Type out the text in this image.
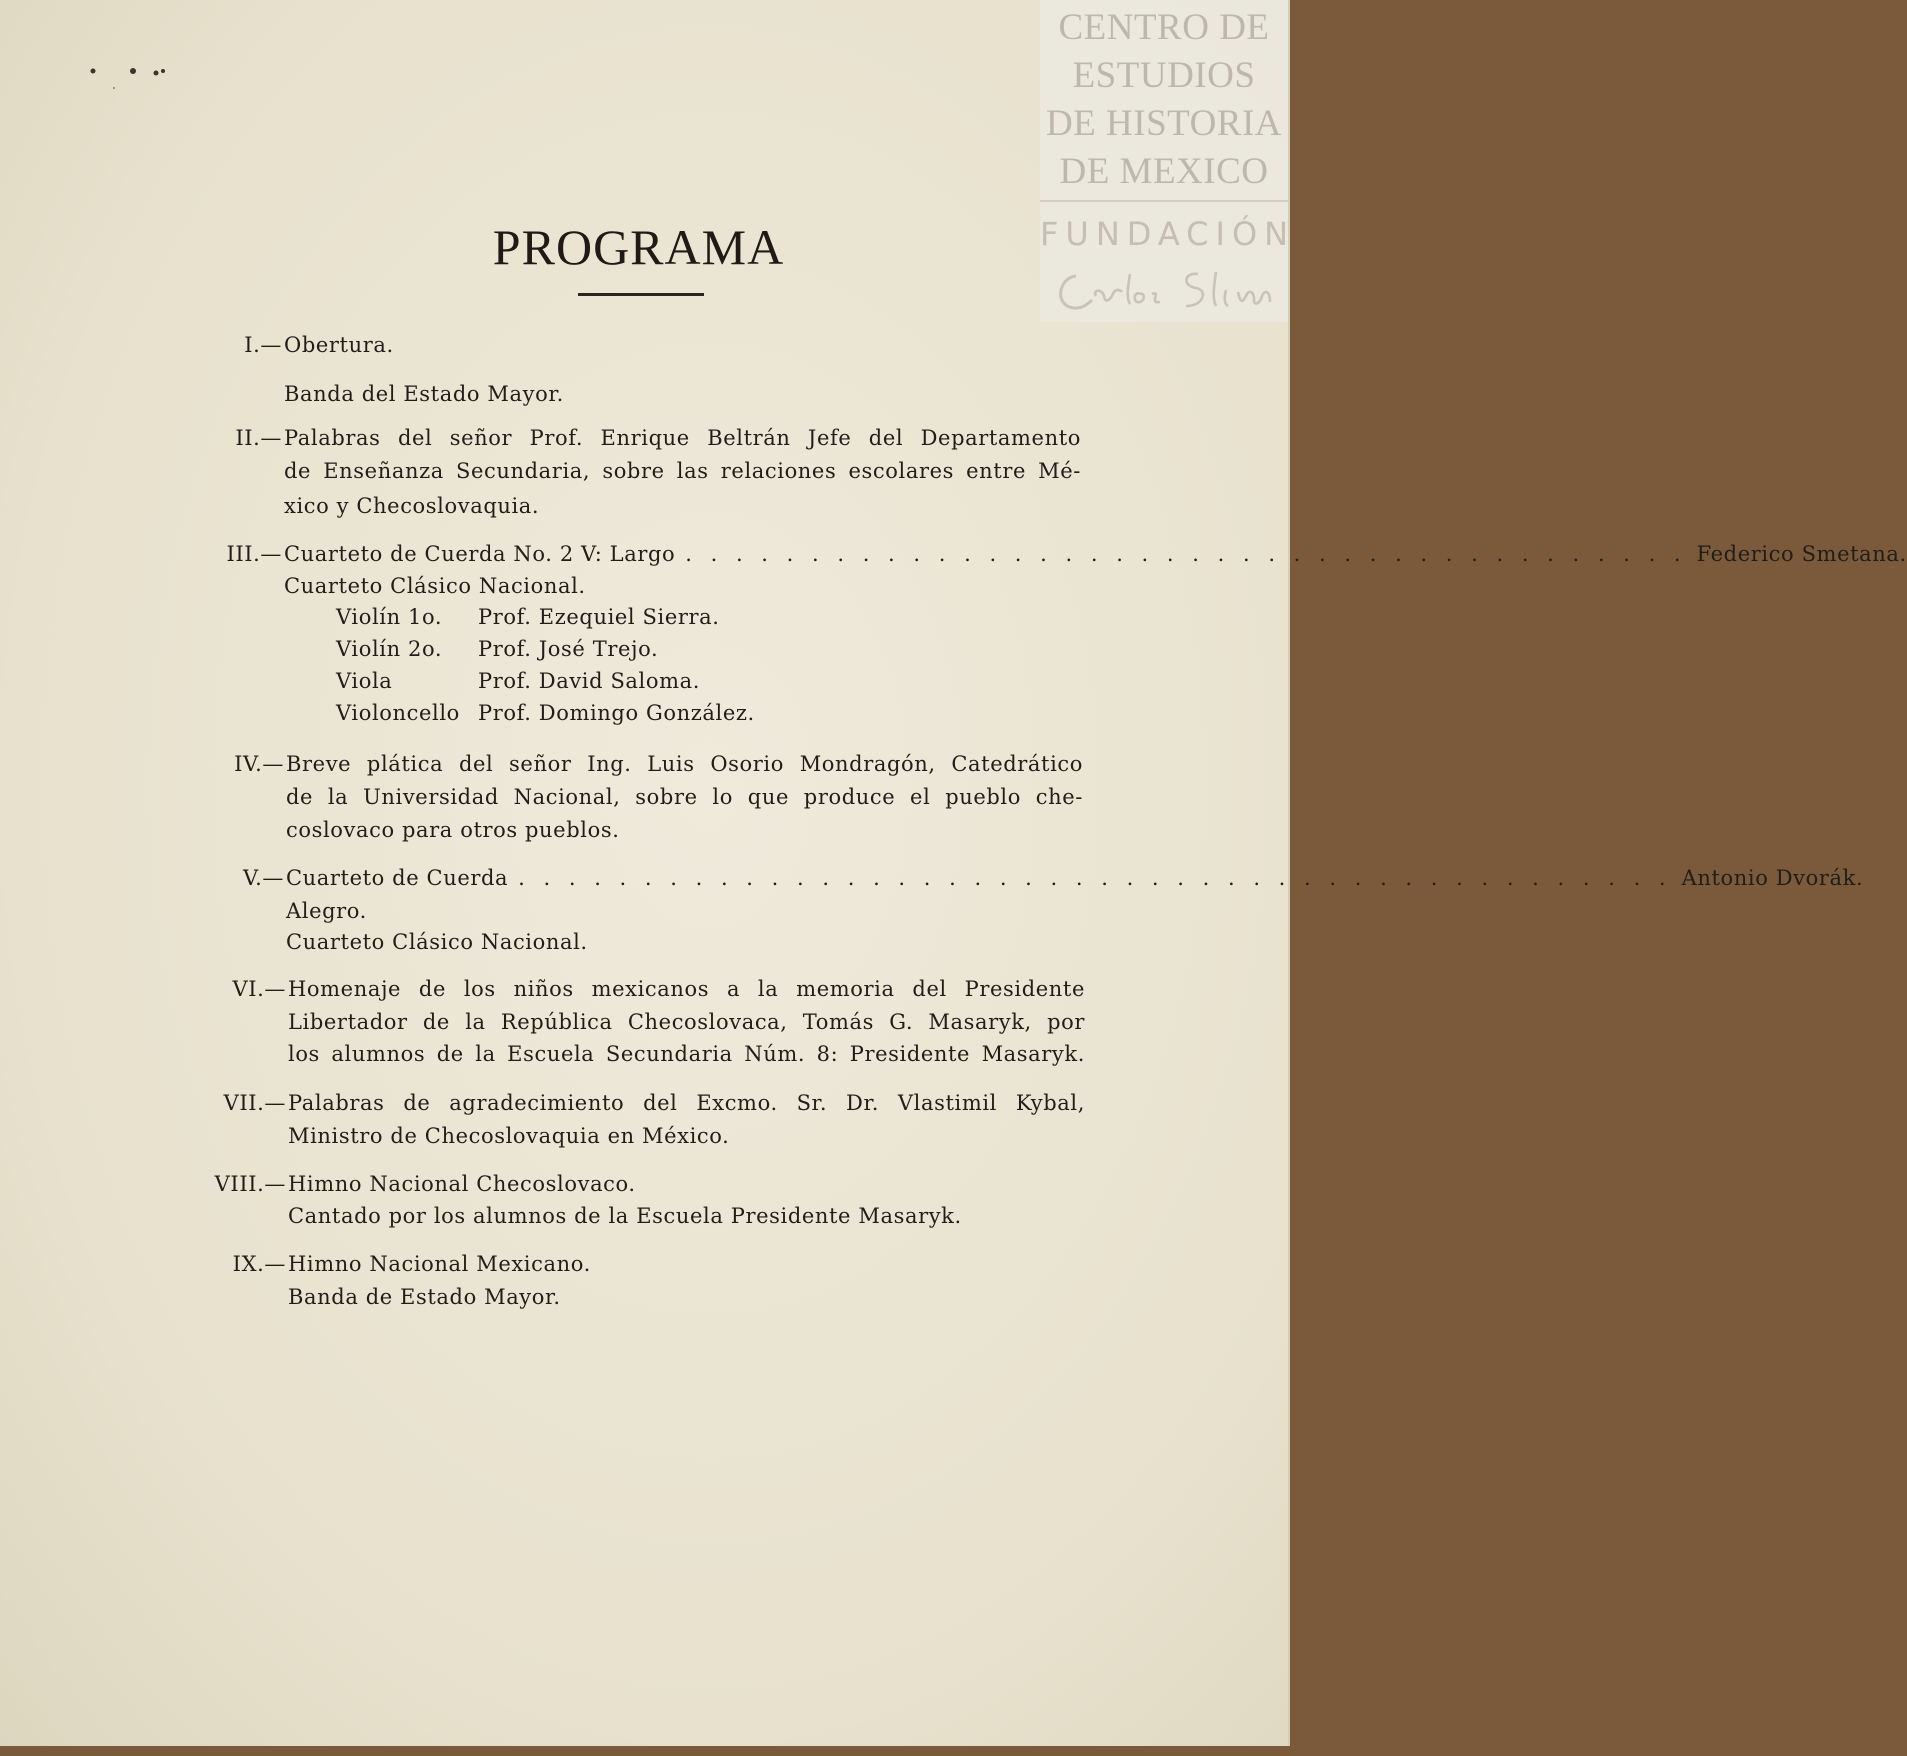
CENTRO DE
ESTUDIOS
DE HISTORIA
DE MEXICO
FUNDACIÓN
PROGRAMA
I.— Obertura.
Banda del Estado Mayor.
II.— Palabras del señor Prof. Enrique Beltrán Jefe del Departamento
de Enseñanza Secundaria, sobre las relaciones escolares entre Mé-
xico y Checoslovaquia.
III.— Cuarteto de Cuerda No. 2 V: Largo . . . . . . . . . . . . . . . . . . . . . . . . . . . . . . . . . . . . . . . . Federico Smetana.
Cuarteto Clásico Nacional.
Violín 1o. Prof. Ezequiel Sierra.
Violín 2o. Prof. José Trejo.
Viola	Prof. David Saloma.
Violoncello Prof. Domingo González.
IV.— Breve plática del señor Ing. Luis Osorio Mondragón, Catedrático
de la Universidad Nacional, sobre lo que produce el pueblo che-
coslovaco para otros pueblos.
V.— Cuarteto de Cuerda . . . . . . . . . . . . . . . . . . . . . . . . . . . . . . . . . . . . . . . . . . . . . . Antonio Dvorák.
Alegro.
Cuarteto Clásico Nacional.
VI.— Homenaje de los niños mexicanos a la memoria del Presidente
Libertador de la República Checoslovaca, Tomás G. Masaryk, por
los alumnos de la Escuela Secundaria Núm. 8: Presidente Masaryk.
VII.— Palabras de agradecimiento del Excmo. Sr. Dr. Vlastimil Kybal,
Ministro de Checoslovaquia en México.
VIII.— Himno Nacional Checoslovaco.
Cantado por los alumnos de la Escuela Presidente Masaryk.
IX.— Himno Nacional Mexicano.
Banda de Estado Mayor.
